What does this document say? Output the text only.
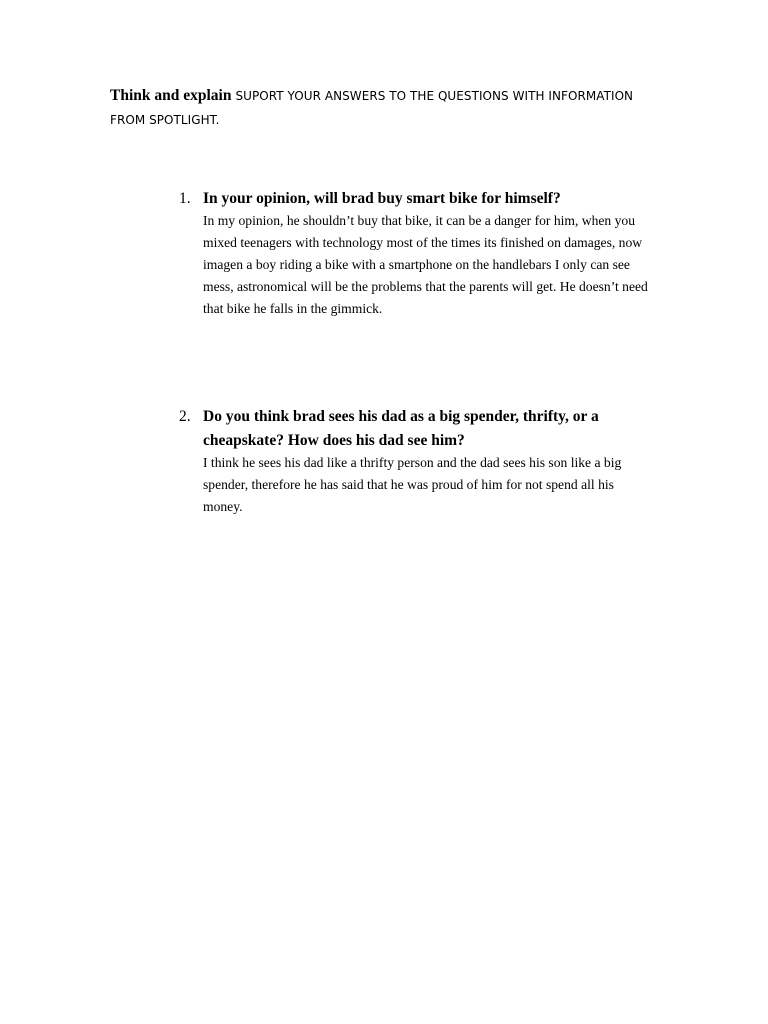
Think and explain SUPORT YOUR ANSWERS TO THE QUESTIONS WITH INFORMATION FROM SPOTLIGHT.
1. In your opinion, will brad buy smart bike for himself?
In my opinion, he shouldn’t buy that bike, it can be a danger for him, when you mixed teenagers with technology most of the times its finished on damages, now imagen a boy riding a bike with a smartphone on the handlebars I only can see mess, astronomical will be the problems that the parents will get. He doesn’t need that bike he falls in the gimmick.
2. Do you think brad sees his dad as a big spender, thrifty, or a cheapskate? How does his dad see him?
I think he sees his dad like a thrifty person and the dad sees his son like a big spender, therefore he has said that he was proud of him for not spend all his money.
